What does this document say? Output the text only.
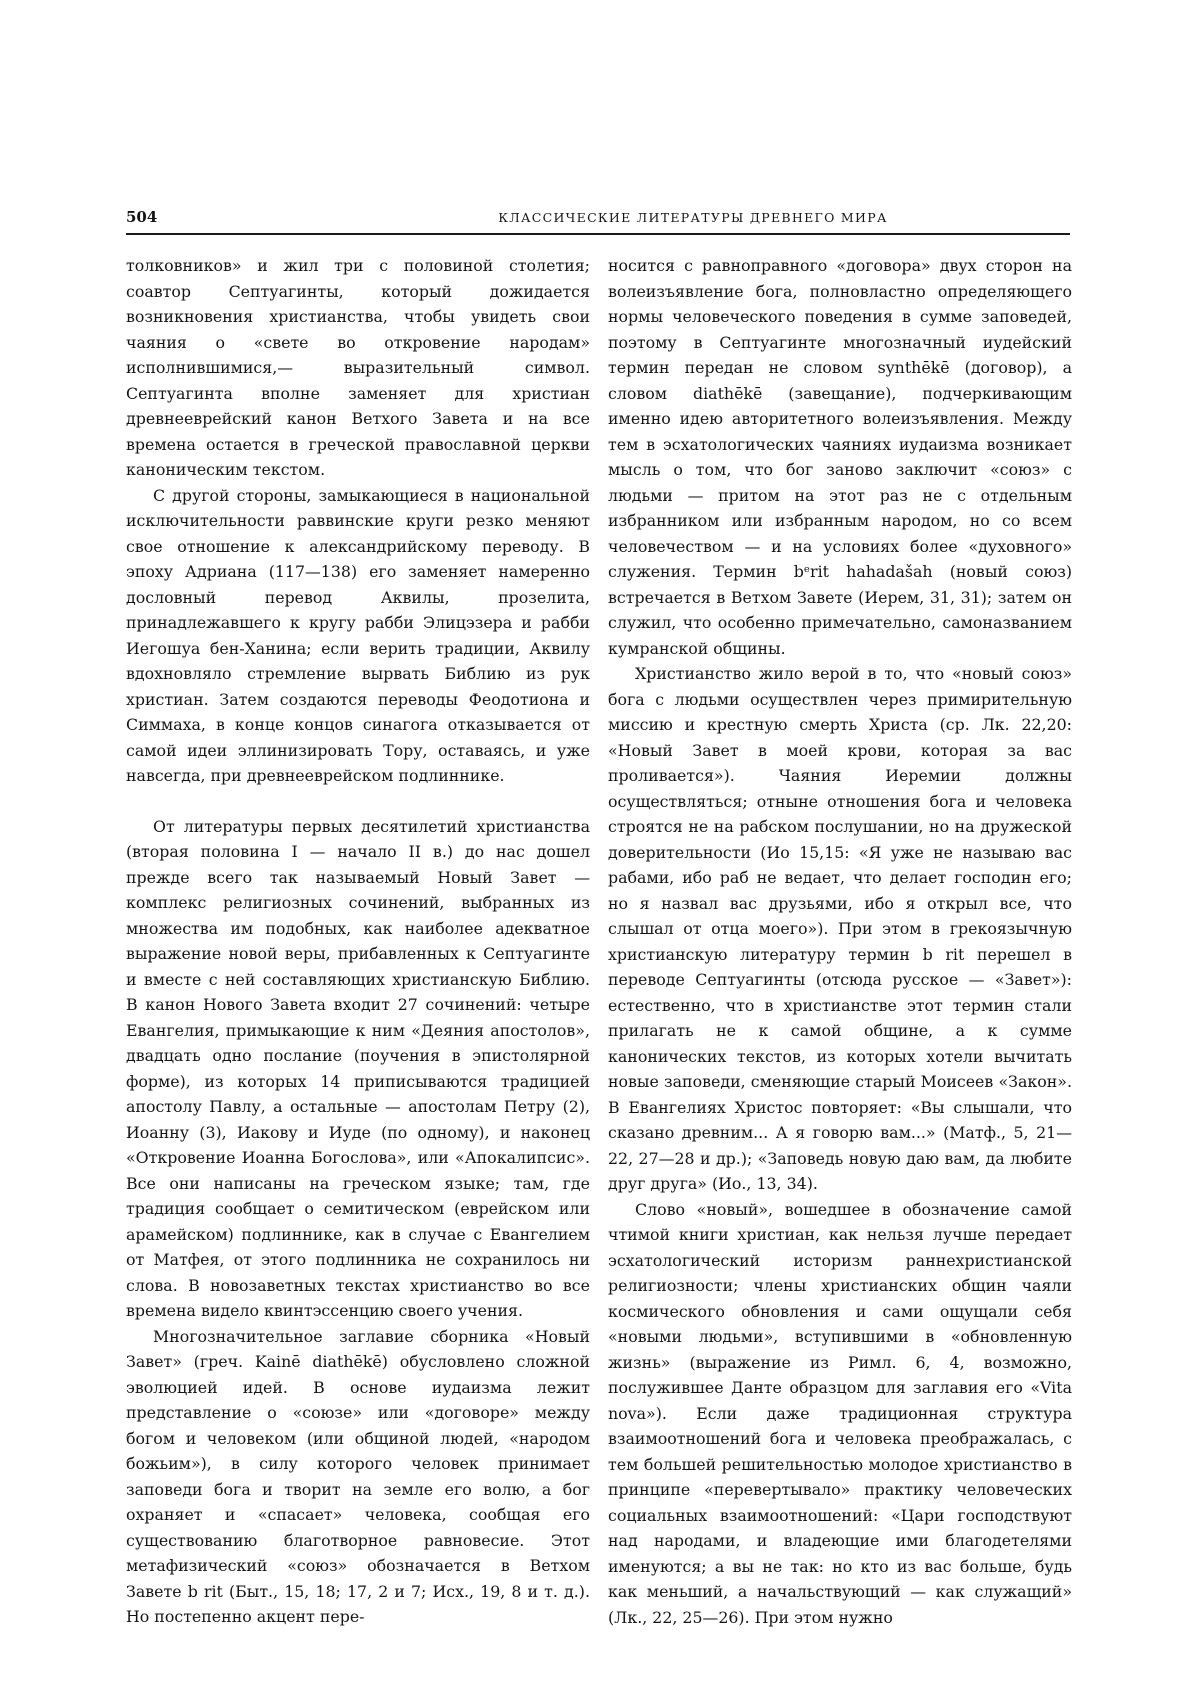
504	КЛАССИЧЕСКИЕ ЛИТЕРАТУРЫ ДРЕВНЕГО МИРА

толковников» и жил три с половиной столетия; соавтор Септуагинты, который дожидается возникновения христианства, чтобы увидеть свои чаяния о «свете во откровение народам» исполнившимися,— выразительный символ. Септуагинта вполне заменяет для христиан древнееврейский канон Ветхого Завета и на все времена остается в греческой православной церкви каноническим текстом.

С другой стороны, замыкающиеся в национальной исключительности раввинские круги резко меняют свое отношение к александрийскому переводу. В эпоху Адриана (117—138) его заменяет намеренно дословный перевод Аквилы, прозелита, принадлежавшего к кругу рабби Элицэзера и рабби Иегошуа бен-Ханина; если верить традиции, Аквилу вдохновляло стремление вырвать Библию из рук христиан. Затем создаются переводы Феодотиона и Симмаха, в конце концов синагога отказывается от самой идеи эллинизировать Тору, оставаясь, и уже навсегда, при древнееврейском подлиннике.

От литературы первых десятилетий христианства (вторая половина I — начало II в.) до нас дошел прежде всего так называемый Новый Завет — комплекс религиозных сочинений, выбранных из множества им подобных, как наиболее адекватное выражение новой веры, прибавленных к Септуагинте и вместе с ней составляющих христианскую Библию. В канон Нового Завета входит 27 сочинений: четыре Евангелия, примыкающие к ним «Деяния апостолов», двадцать одно послание (поучения в эпистолярной форме), из которых 14 приписываются традицией апостолу Павлу, а остальные — апостолам Петру (2), Иоанну (3), Иакову и Иуде (по одному), и наконец «Откровение Иоанна Богослова», или «Апокалипсис». Все они написаны на греческом языке; там, где традиция сообщает о семитическом (еврейском или арамейском) подлиннике, как в случае с Евангелием от Матфея, от этого подлинника не сохранилось ни слова. В новозаветных текстах христианство во все времена видело квинтэссенцию своего учения.

Многозначительное заглавие сборника «Новый Завет» (греч. Kainē diathēkē) обусловлено сложной эволюцией идей. В основе иудаизма лежит представление о «союзе» или «договоре» между богом и человеком (или общиной людей, «народом божьим»), в силу которого человек принимает заповеди бога и творит на земле его волю, а бог охраняет и «спасает» человека, сообщая его существованию благотворное равновесие. Этот метафизический «союз» обозначается в Ветхом Завете b rit (Быт., 15, 18; 17, 2 и 7; Исх., 19, 8 и т. д.). Но постепенно акцент пере-

носится с равноправного «договора» двух сторон на волеизъявление бога, полновластно определяющего нормы человеческого поведения в сумме заповедей, поэтому в Септуагинте многозначный иудейский термин передан не словом synthēkē (договор), а словом diathēkē (завещание), подчеркивающим именно идею авторитетного волеизъявления. Между тем в эсхатологических чаяниях иудаизма возникает мысль о том, что бог заново заключит «союз» с людьми — притом на этот раз не с отдельным избранником или избранным народом, но со всем человечеством — и на условиях более «духовного» служения. Термин bᵉrit hahadašah (новый союз) встречается в Ветхом Завете (Иерем, 31, 31); затем он служил, что особенно примечательно, самоназванием кумранской общины.

Христианство жило верой в то, что «новый союз» бога с людьми осуществлен через примирительную миссию и крестную смерть Христа (ср. Лк. 22,20: «Новый Завет в моей крови, которая за вас проливается»). Чаяния Иеремии должны осуществляться; отныне отношения бога и человека строятся не на рабском послушании, но на дружеской доверительности (Ио 15,15: «Я уже не называю вас рабами, ибо раб не ведает, что делает господин его; но я назвал вас друзьями, ибо я открыл все, что слышал от отца моего»). При этом в грекоязычную христианскую литературу термин b rit перешел в переводе Септуагинты (отсюда русское — «Завет»): естественно, что в христианстве этот термин стали прилагать не к самой общине, а к сумме канонических текстов, из которых хотели вычитать новые заповеди, сменяющие старый Моисеев «Закон». В Евангелиях Христос повторяет: «Вы слышали, что сказано древним... А я говорю вам...» (Матф., 5, 21—22, 27—28 и др.); «Заповедь новую даю вам, да любите друг друга» (Ио., 13, 34).

Слово «новый», вошедшее в обозначение самой чтимой книги христиан, как нельзя лучше передает эсхатологический историзм раннехристианской религиозности; члены христианских общин чаяли космического обновления и сами ощущали себя «новыми людьми», вступившими в «обновленную жизнь» (выражение из Римл. 6, 4, возможно, послужившее Данте образцом для заглавия его «Vita nova»). Если даже традиционная структура взаимоотношений бога и человека преображалась, с тем большей решительностью молодое христианство в принципе «перевертывало» практику человеческих социальных взаимоотношений: «Цари господствуют над народами, и владеющие ими благодетелями именуются; а вы не так: но кто из вас больше, будь как меньший, а начальствующий — как служащий» (Лк., 22, 25—26). При этом нужно
